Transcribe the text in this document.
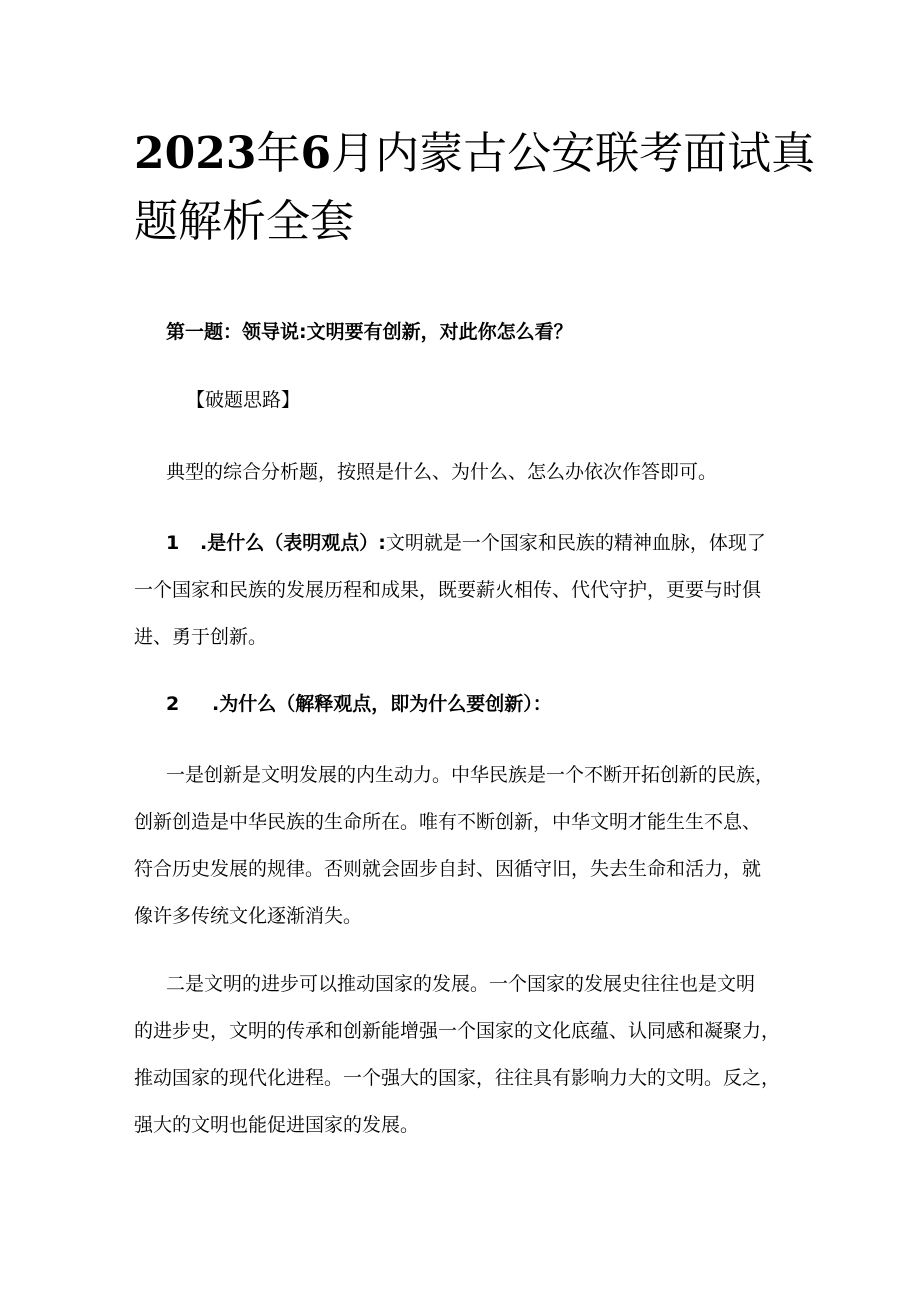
2023年6月内蒙古公安联考面试真
题解析全套

第一题：领导说:文明要有创新，对此你怎么看？

【破题思路】

典型的综合分析题，按照是什么、为什么、怎么办依次作答即可。

1 .是什么（表明观点）:文明就是一个国家和民族的精神血脉，体现了
一个国家和民族的发展历程和成果，既要薪火相传、代代守护，更要与时俱
进、勇于创新。
2 .为什么（解释观点，即为什么要创新）：
一是创新是文明发展的内生动力。中华民族是一个不断开拓创新的民族，
创新创造是中华民族的生命所在。唯有不断创新，中华文明才能生生不息、
符合历史发展的规律。否则就会固步自封、因循守旧，失去生命和活力，就
像许多传统文化逐渐消失。
二是文明的进步可以推动国家的发展。一个国家的发展史往往也是文明
的进步史，文明的传承和创新能增强一个国家的文化底蕴、认同感和凝聚力，
推动国家的现代化进程。一个强大的国家，往往具有影响力大的文明。反之，
强大的文明也能促进国家的发展。
